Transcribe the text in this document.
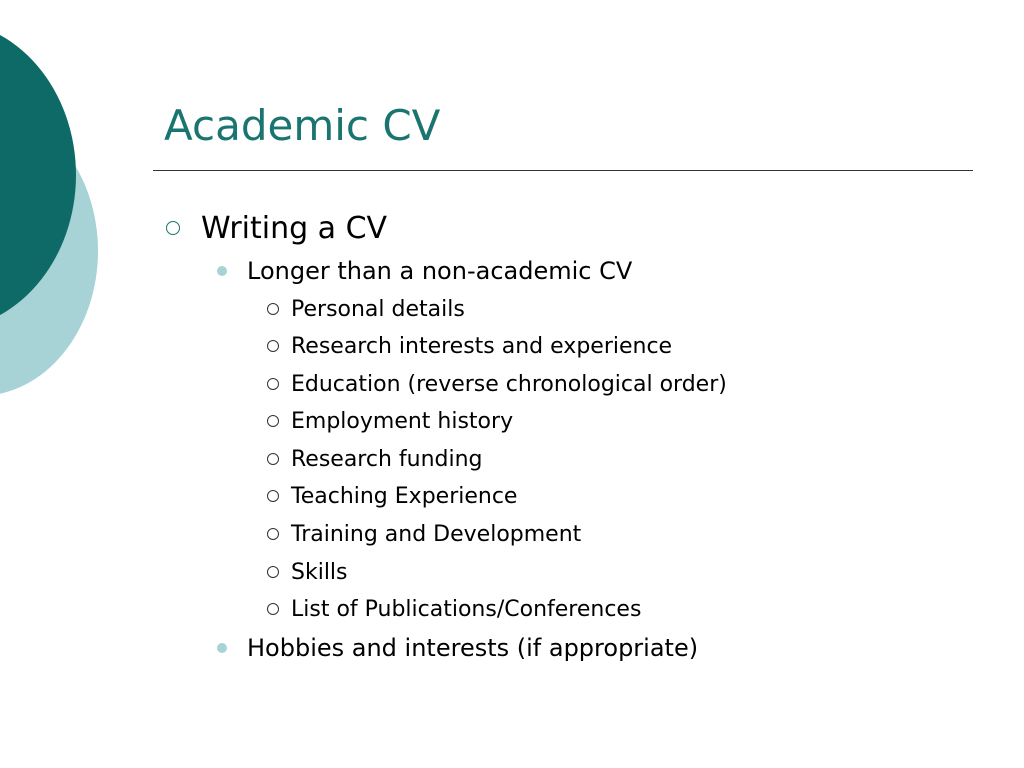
Academic CV
Writing a CV
Longer than a non-academic CV
Personal details
Research interests and experience
Education (reverse chronological order)
Employment history
Research funding
Teaching Experience
Training and Development
Skills
List of Publications/Conferences
Hobbies and interests (if appropriate)
